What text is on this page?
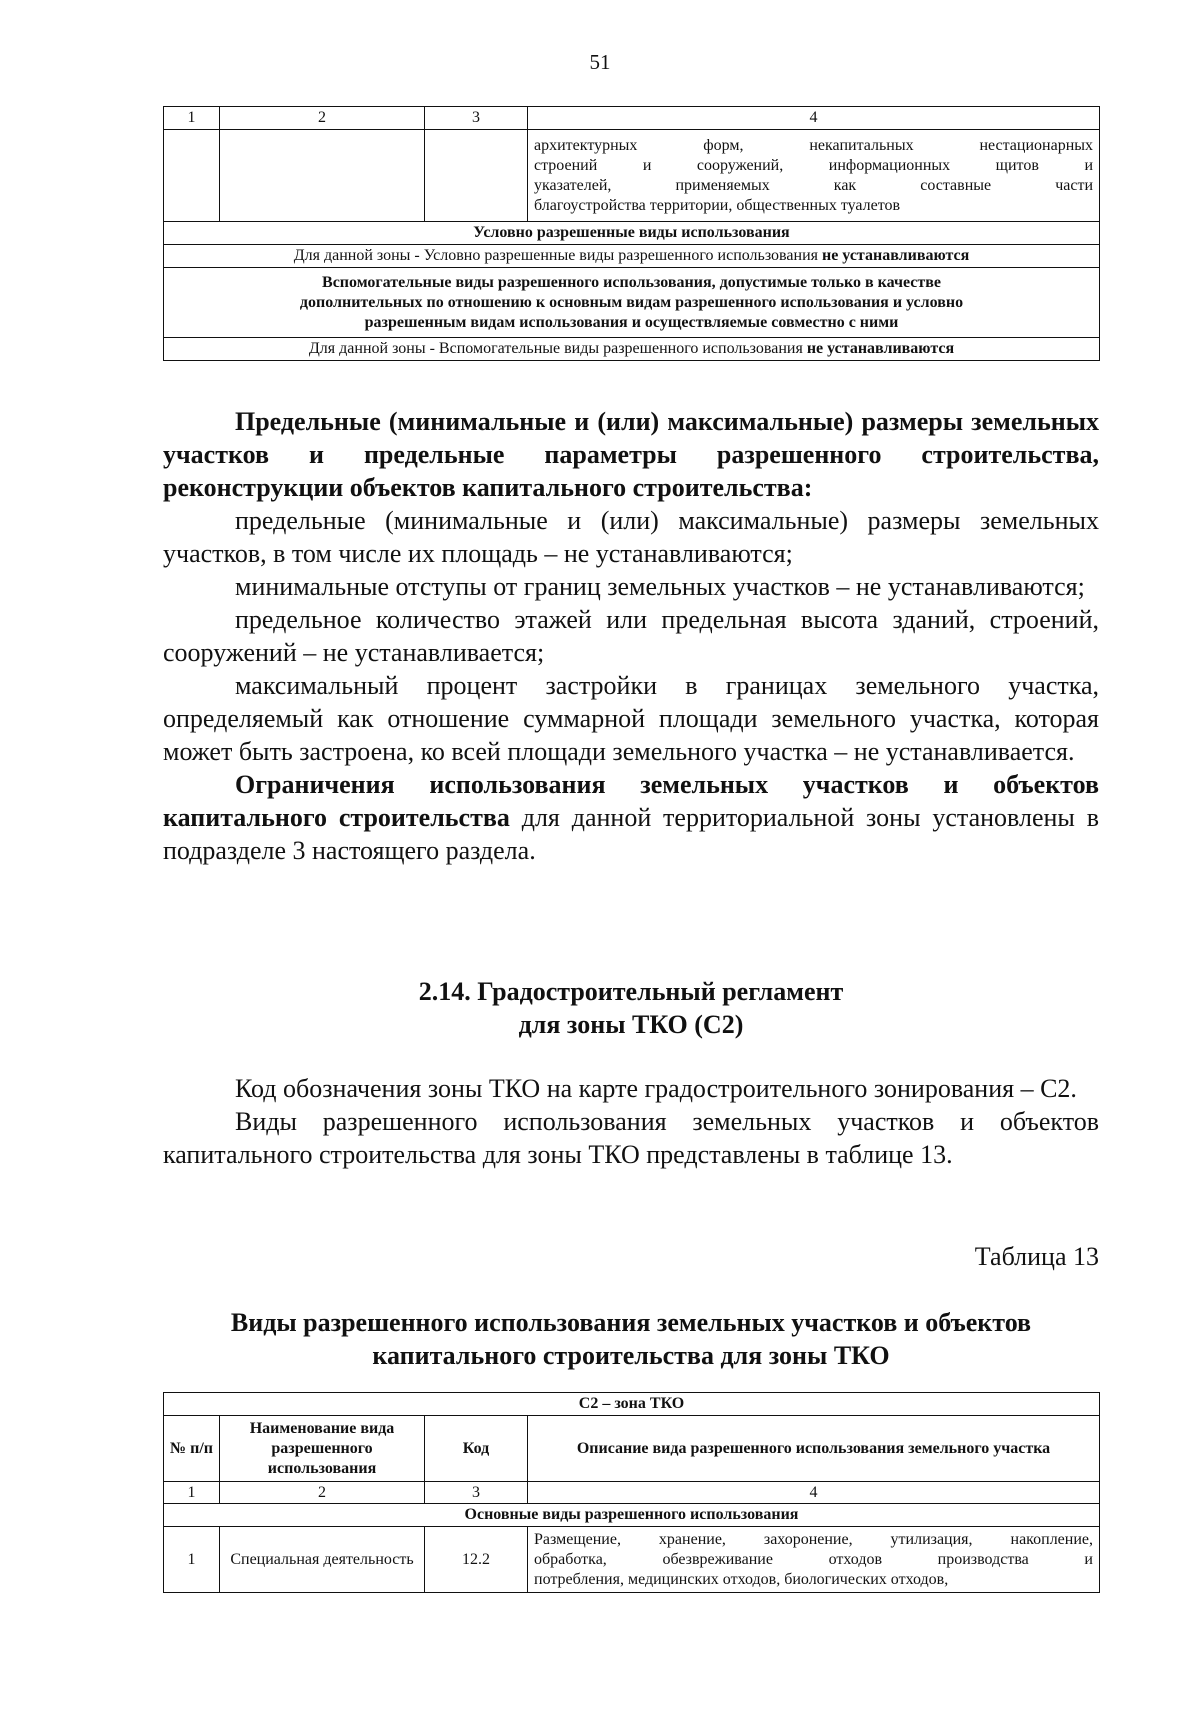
51
1	2	3	4

			архитектурных форм, некапитальных нестационарных
строений и сооружений, информационных щитов и
указателей, применяемых как составные части
благоустройства территории, общественных туалетов

Условно разрешенные виды использования			
Для данной зоны - Условно разрешенные виды разрешенного использования не устанавливаются			

Вспомогательные виды разрешенного использования, допустимые только в качестве
дополнительных по отношению к основным видам разрешенного использования и условно
разрешенным видам использования и осуществляемые совместно с ними			

Для данной зоны - Вспомогательные виды разрешенного использования не устанавливаются			

Предельные (минимальные и (или) максимальные) размеры земельных участков и предельные параметры разрешенного строительства, реконструкции объектов капитального строительства:

предельные (минимальные и (или) максимальные) размеры земельных участков, в том числе их площадь – не устанавливаются;

минимальные отступы от границ земельных участков – не устанавливаются;

предельное количество этажей или предельная высота зданий, строений, сооружений – не устанавливается;

максимальный процент застройки в границах земельного участка, определяемый как отношение суммарной площади земельного участка, которая может быть застроена, ко всей площади земельного участка – не устанавливается.

Ограничения использования земельных участков и объектов капитального строительства для данной территориальной зоны установлены в подразделе 3 настоящего раздела.

2.14. Градостроительный регламент

для зоны ТКО (С2)

Код обозначения зоны ТКО на карте градостроительного зонирования – С2.

Виды разрешенного использования земельных участков и объектов капитального строительства для зоны ТКО представлены в таблице 13.

Таблица 13

Виды разрешенного использования земельных участков и объектов

капитального строительства для зоны ТКО

С2 – зона ТКО			
№ п/п	Наименование вида разрешенного использования	Код	Описание вида разрешенного использования земельного участка
1	2	3	4
Основные виды разрешенного использования			
1	Специальная деятельность	12.2	Размещение, хранение, захоронение, утилизация, накопление,
обработка, обезвреживание отходов производства и
потребления, медицинских отходов, биологических отходов,
